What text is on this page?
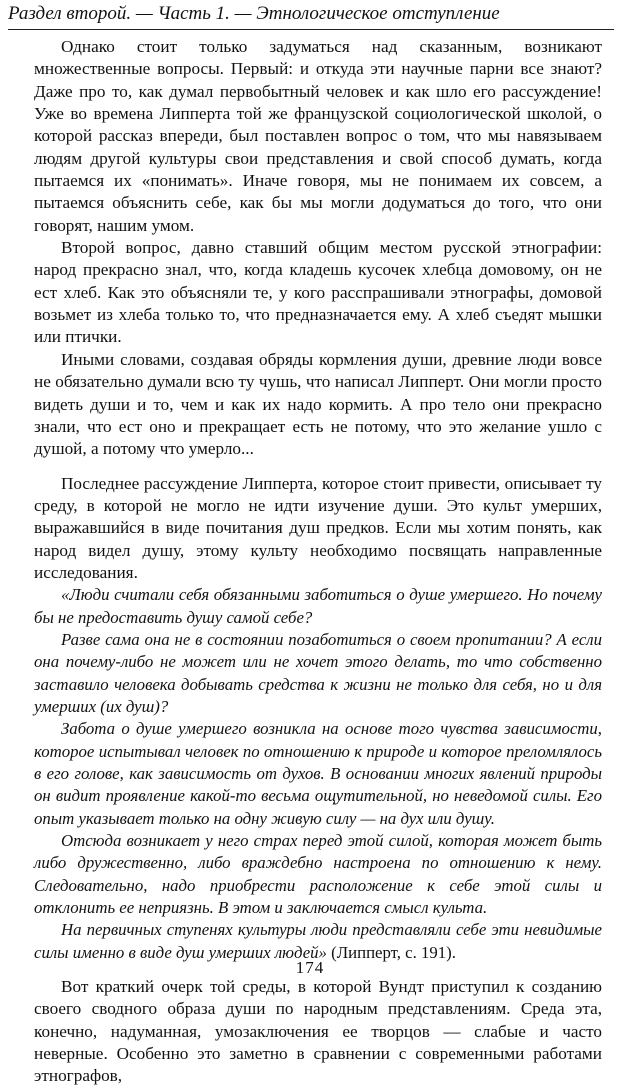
Раздел второй. — Часть 1. — Этнологическое отступление

Однако стоит только задуматься над сказанным, возникают множественные вопросы. Первый: и откуда эти научные парни все знают? Даже про то, как думал первобытный человек и как шло его рассуждение! Уже во времена Липперта той же французской социологической школой, о которой рассказ впереди, был поставлен вопрос о том, что мы навязываем людям другой культуры свои представления и свой способ думать, когда пытаемся их «понимать». Иначе говоря, мы не понимаем их совсем, а пытаемся объяснить себе, как бы мы могли додуматься до того, что они говорят, нашим умом.

Второй вопрос, давно ставший общим местом русской этнографии: народ прекрасно знал, что, когда кладешь кусочек хлебца домовому, он не ест хлеб. Как это объясняли те, у кого расспрашивали этнографы, домовой возьмет из хлеба только то, что предназначается ему. А хлеб съедят мышки или птички.

Иными словами, создавая обряды кормления души, древние люди вовсе не обязательно думали всю ту чушь, что написал Липперт. Они могли просто видеть души и то, чем и как их надо кормить. А про тело они прекрасно знали, что ест оно и прекращает есть не потому, что это желание ушло с душой, а потому что умерло...

Последнее рассуждение Липперта, которое стоит привести, описывает ту среду, в которой не могло не идти изучение души. Это культ умерших, выражавшийся в виде почитания душ предков. Если мы хотим понять, как народ видел душу, этому культу необходимо посвящать направленные исследования.

«Люди считали себя обязанными заботиться о душе умершего. Но почему бы не предоставить душу самой себе?

Разве сама она не в состоянии позаботиться о своем пропитании? А если она почему-либо не может или не хочет этого делать, то что собственно заставило человека добывать средства к жизни не только для себя, но и для умерших (их душ)?

Забота о душе умершего возникла на основе того чувства зависимости, которое испытывал человек по отношению к природе и которое преломлялось в его голове, как зависимость от духов. В основании многих явлений природы он видит проявление какой-то весьма ощутительной, но неведомой силы. Его опыт указывает только на одну живую силу — на дух или душу.

Отсюда возникает у него страх перед этой силой, которая может быть либо дружественно, либо враждебно настроена по отношению к нему. Следовательно, надо приобрести расположение к себе этой силы и отклонить ее неприязнь. В этом и заключается смысл культа.

На первичных ступенях культуры люди представляли себе эти невидимые силы именно в виде душ умерших людей» (Липперт, с. 191).

Вот краткий очерк той среды, в которой Вундт приступил к созданию своего сводного образа души по народным представлениям. Среда эта, конечно, надуманная, умозаключения ее творцов — слабые и часто неверные. Особенно это заметно в сравнении с современными работами этнографов,

174
